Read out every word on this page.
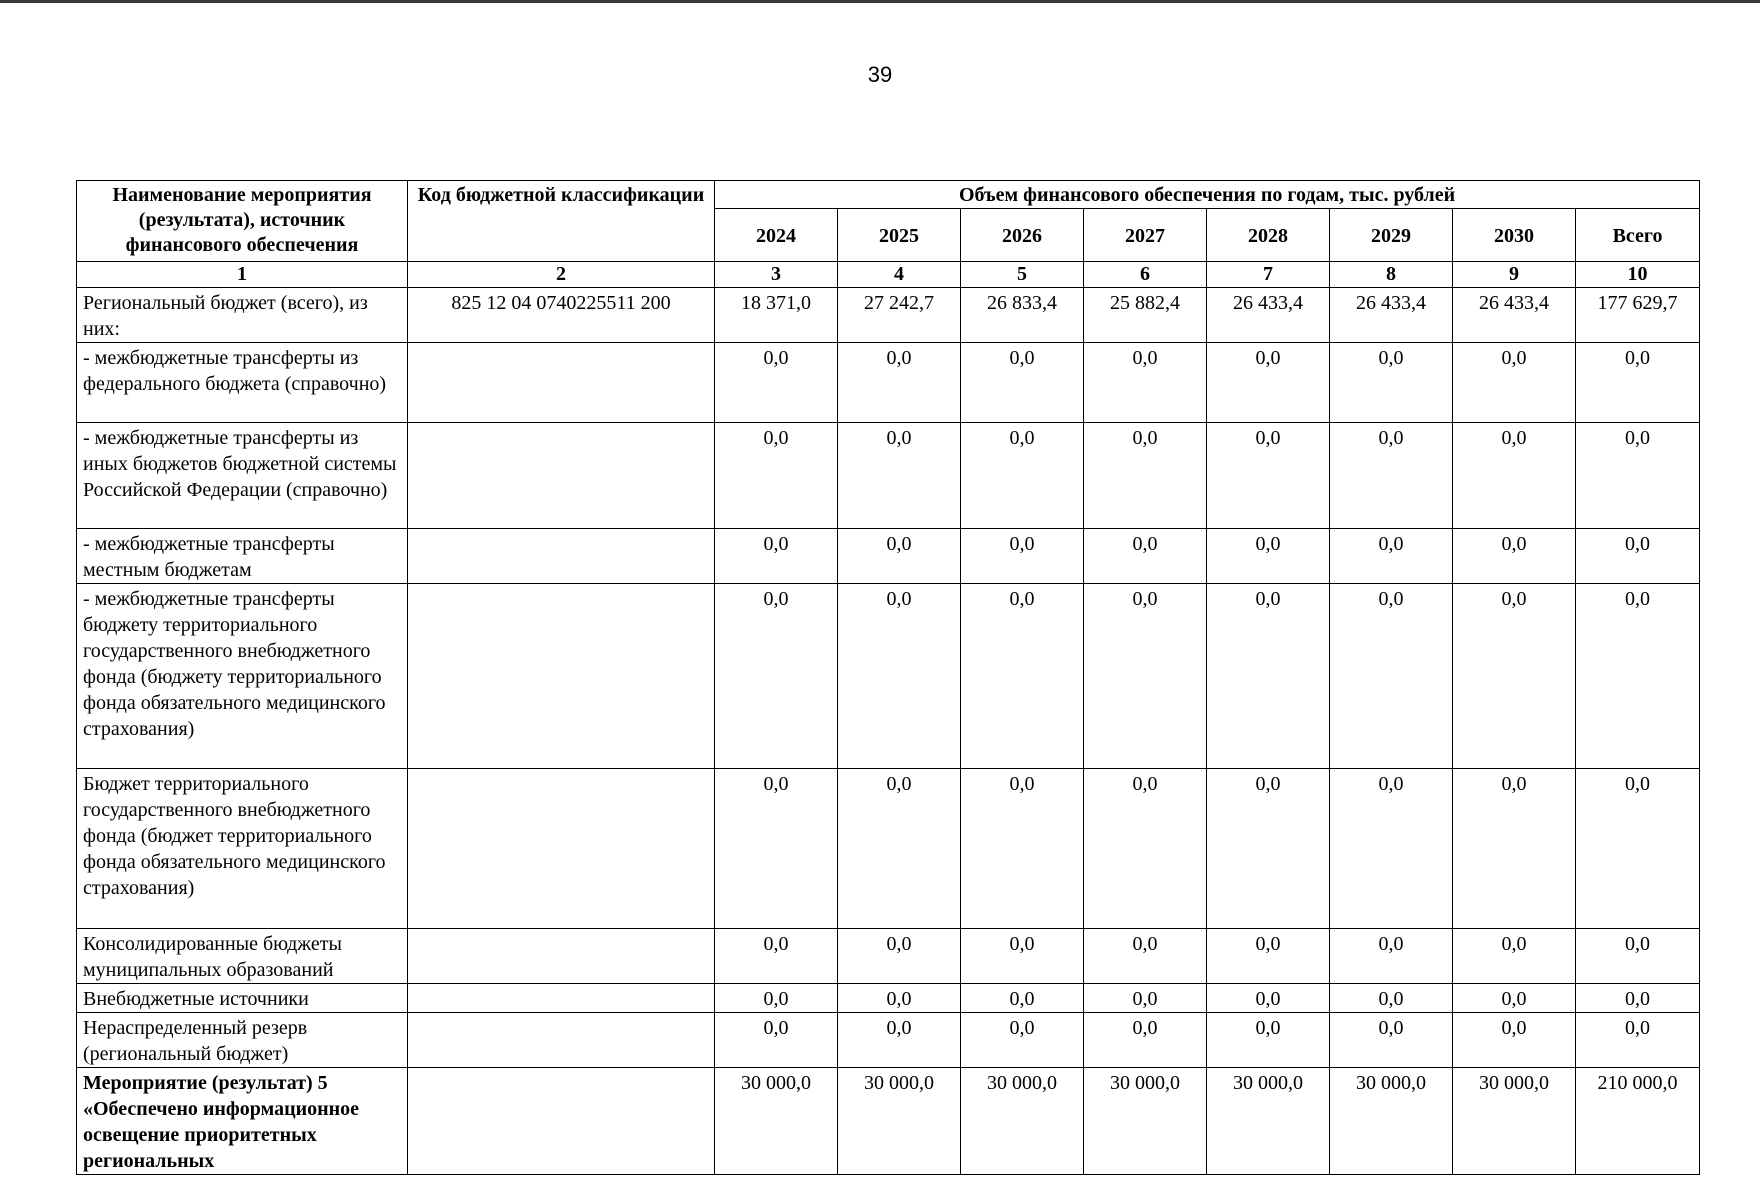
39
Наименование мероприятия (результата), источник финансового обеспечения	Код бюджетной классификации	Объем финансового обеспечения по годам, тыс. рублей							
		2024	2025	2026	2027	2028	2029	2030	Всего
1	2	3	4	5	6	7	8	9	10
Региональный бюджет (всего), из них:	825 12 04 0740225511 200	18 371,0	27 242,7	26 833,4	25 882,4	26 433,4	26 433,4	26 433,4	177 629,7
- межбюджетные трансферты из федерального бюджета (справочно)		0,0	0,0	0,0	0,0	0,0	0,0	0,0	0,0
- межбюджетные трансферты из иных бюджетов бюджетной системы Российской Федерации (справочно)		0,0	0,0	0,0	0,0	0,0	0,0	0,0	0,0
- межбюджетные трансферты местным бюджетам		0,0	0,0	0,0	0,0	0,0	0,0	0,0	0,0
- межбюджетные трансферты бюджету территориального государственного внебюджетного фонда (бюджету территориального фонда обязательного медицинского страхования)		0,0	0,0	0,0	0,0	0,0	0,0	0,0	0,0
Бюджет территориального государственного внебюджетного фонда (бюджет территориального фонда обязательного медицинского страхования)		0,0	0,0	0,0	0,0	0,0	0,0	0,0	0,0
Консолидированные бюджеты муниципальных образований		0,0	0,0	0,0	0,0	0,0	0,0	0,0	0,0
Внебюджетные источники		0,0	0,0	0,0	0,0	0,0	0,0	0,0	0,0
Нераспределенный резерв (региональный бюджет)		0,0	0,0	0,0	0,0	0,0	0,0	0,0	0,0
Мероприятие (результат) 5 «Обеспечено информационное освещение приоритетных региональных		30 000,0	30 000,0	30 000,0	30 000,0	30 000,0	30 000,0	30 000,0	210 000,0
